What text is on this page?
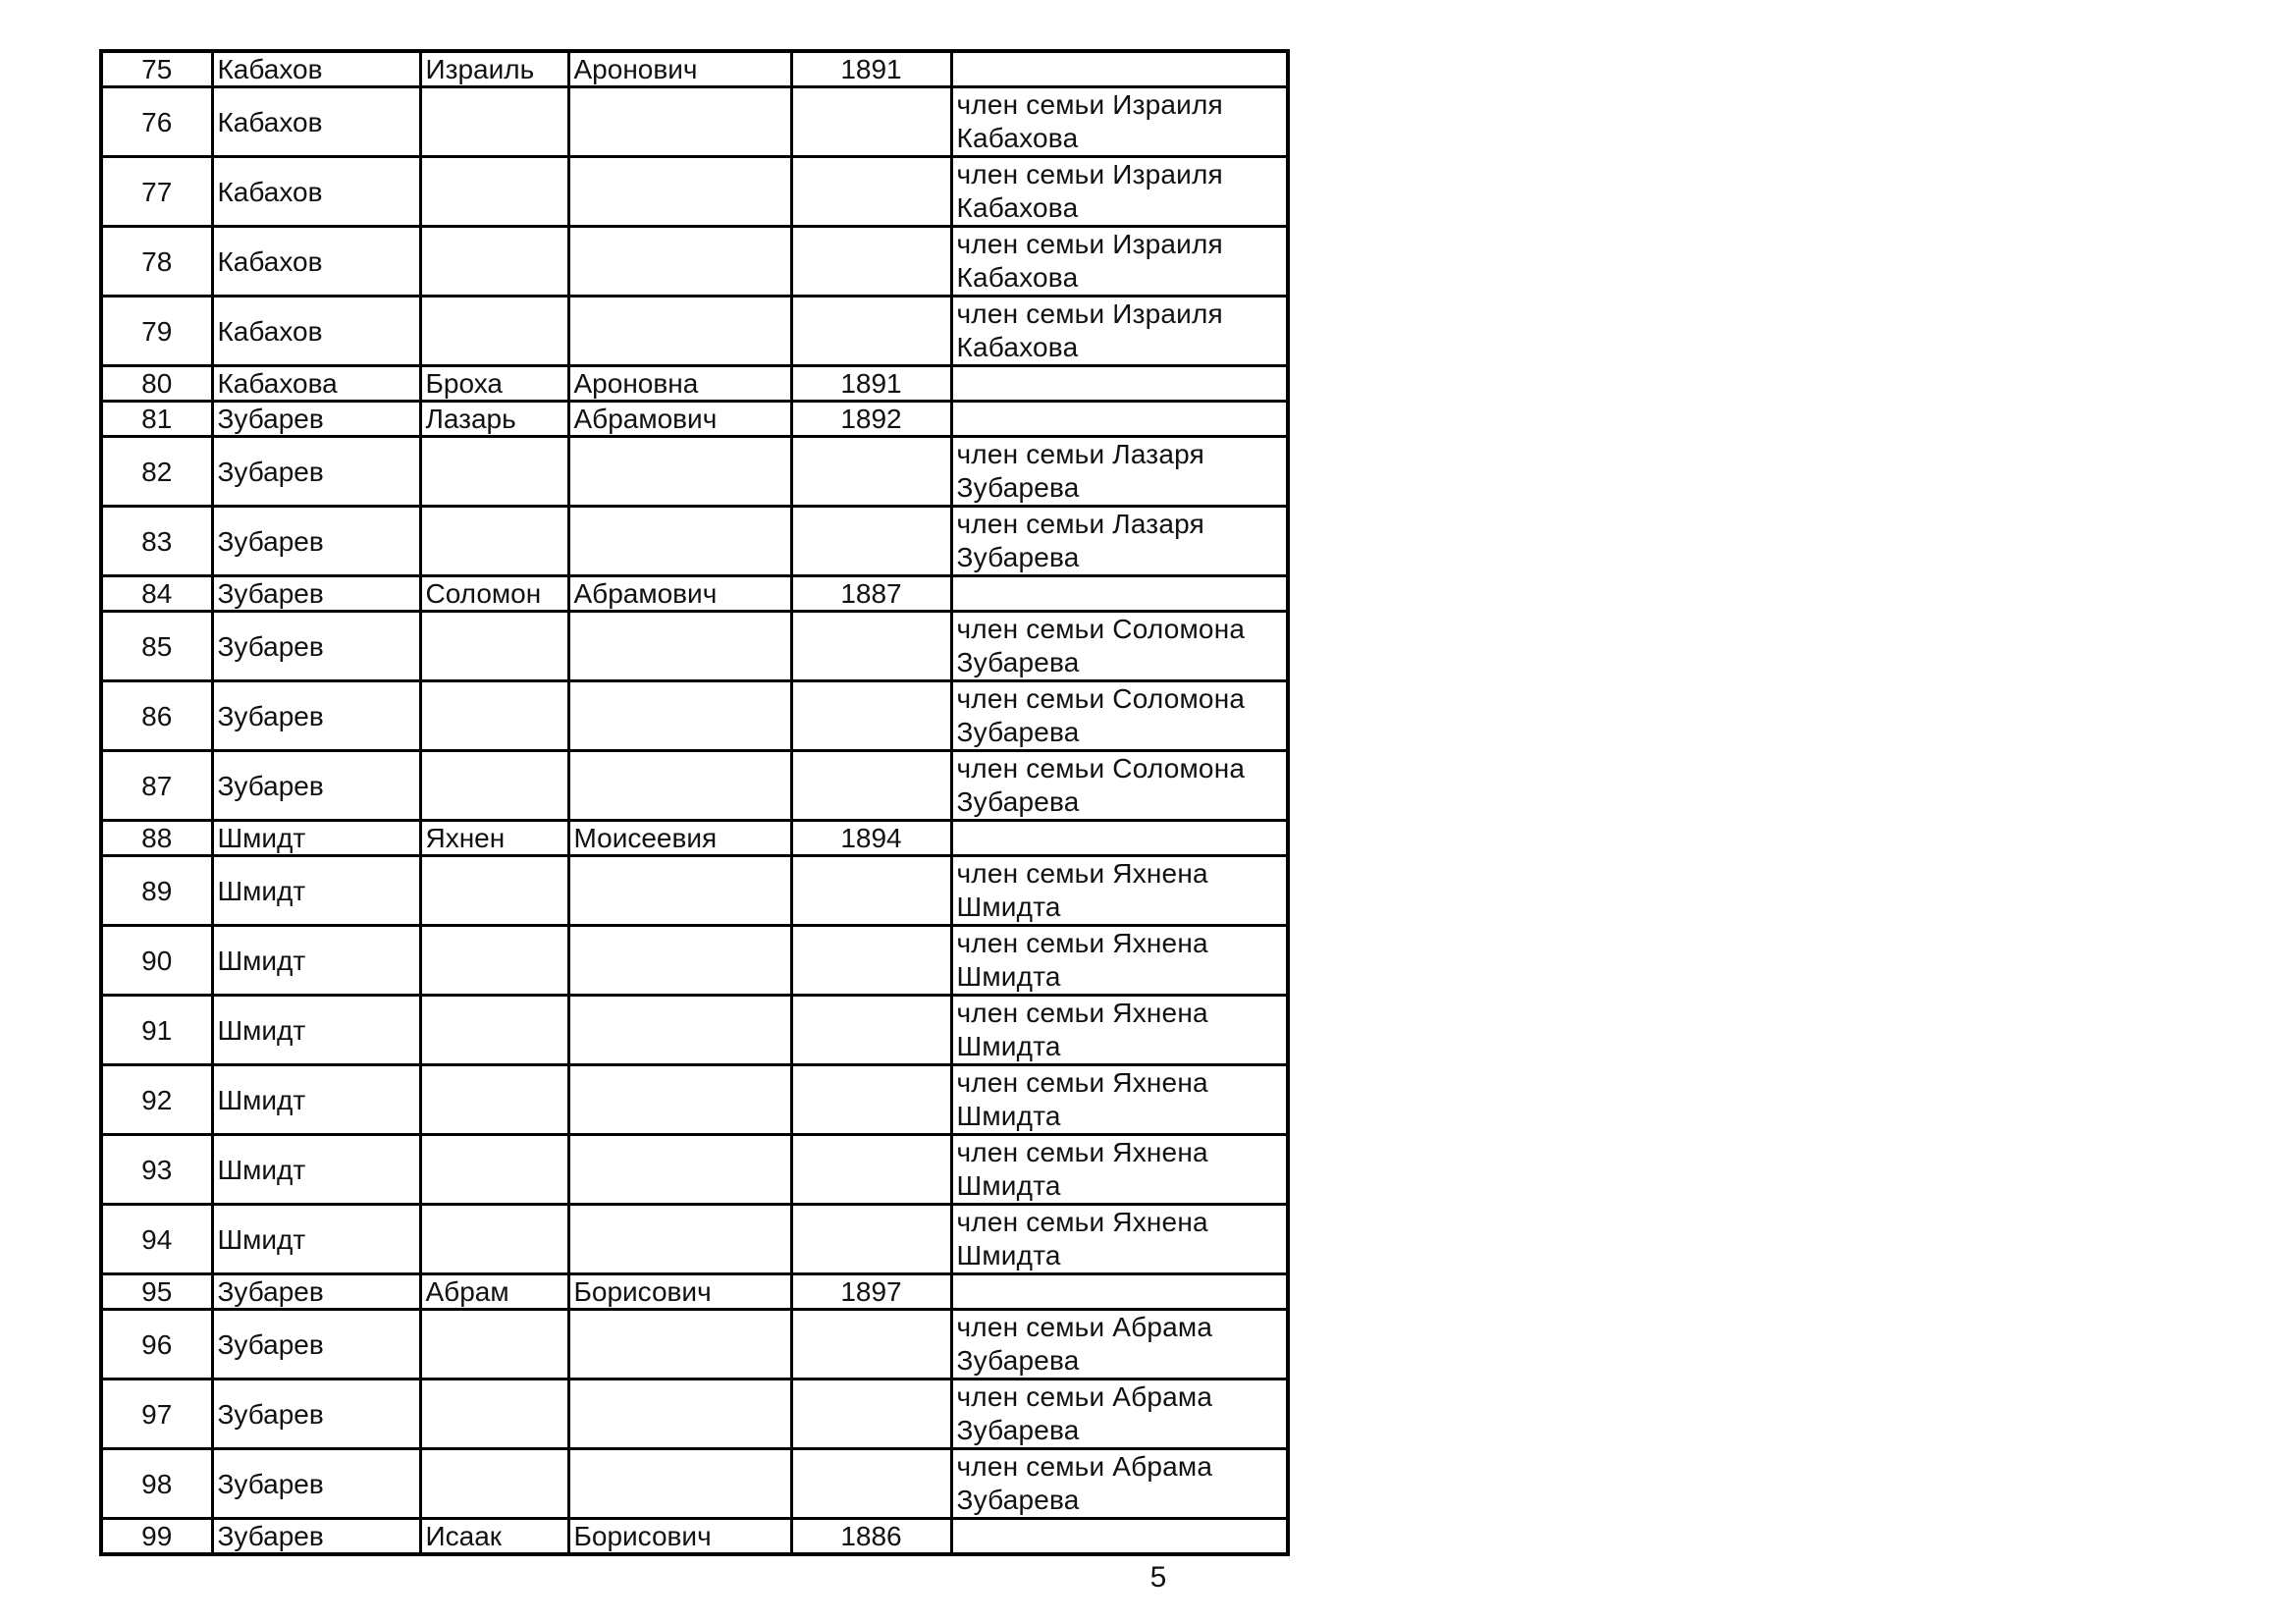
75	Кабахов	Израиль	Аронович	1891	
76	Кабахов				член семьи Израиля Кабахова
77	Кабахов				член семьи Израиля Кабахова
78	Кабахов				член семьи Израиля Кабахова
79	Кабахов				член семьи Израиля Кабахова
80	Кабахова	Броха	Ароновна	1891	
81	Зубарев	Лазарь	Абрамович	1892	
82	Зубарев				член семьи Лазаря Зубарева
83	Зубарев				член семьи Лазаря Зубарева
84	Зубарев	Соломон	Абрамович	1887	
85	Зубарев				член семьи Соломона Зубарева
86	Зубарев				член семьи Соломона Зубарева
87	Зубарев				член семьи Соломона Зубарева
88	Шмидт	Яхнен	Моисеевия	1894	
89	Шмидт				член семьи Яхнена Шмидта
90	Шмидт				член семьи Яхнена Шмидта
91	Шмидт				член семьи Яхнена Шмидта
92	Шмидт				член семьи Яхнена Шмидта
93	Шмидт				член семьи Яхнена Шмидта
94	Шмидт				член семьи Яхнена Шмидта
95	Зубарев	Абрам	Борисович	1897	
96	Зубарев				член семьи Абрама Зубарева
97	Зубарев				член семьи Абрама Зубарева
98	Зубарев				член семьи Абрама Зубарева
99	Зубарев	Исаак	Борисович	1886	
5
